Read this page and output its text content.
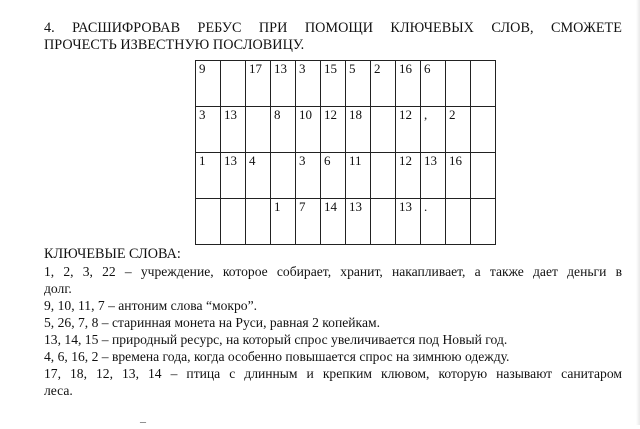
4. РАСШИФРОВАВ РЕБУС ПРИ ПОМОЩИ КЛЮЧЕВЫХ СЛОВ, СМОЖЕТЕ
ПРОЧЕСТЬ ИЗВЕСТНУЮ ПОСЛОВИЦУ.
9		17	13	3	15	5	2	16	6		

3	13		8	10	12	18		12	,	2	

1	13	4		3	6	11		12	13	16	

			1	7	14	13		13	.		

КЛЮЧЕВЫЕ СЛОВА:
1, 2, 3, 22 – учреждение, которое собирает, хранит, накапливает, а также дает деньги в
долг.
9, 10, 11, 7 – антоним слова “мокро”.
5, 26, 7, 8 – старинная монета на Руси, равная 2 копейкам.
13, 14, 15 – природный ресурс, на который спрос увеличивается под Новый год.
4, 6, 16, 2 – времена года, когда особенно повышается спрос на зимнюю одежду.
17, 18, 12, 13, 14 – птица с длинным и крепким клювом, которую называют санитаром
леса.
–
